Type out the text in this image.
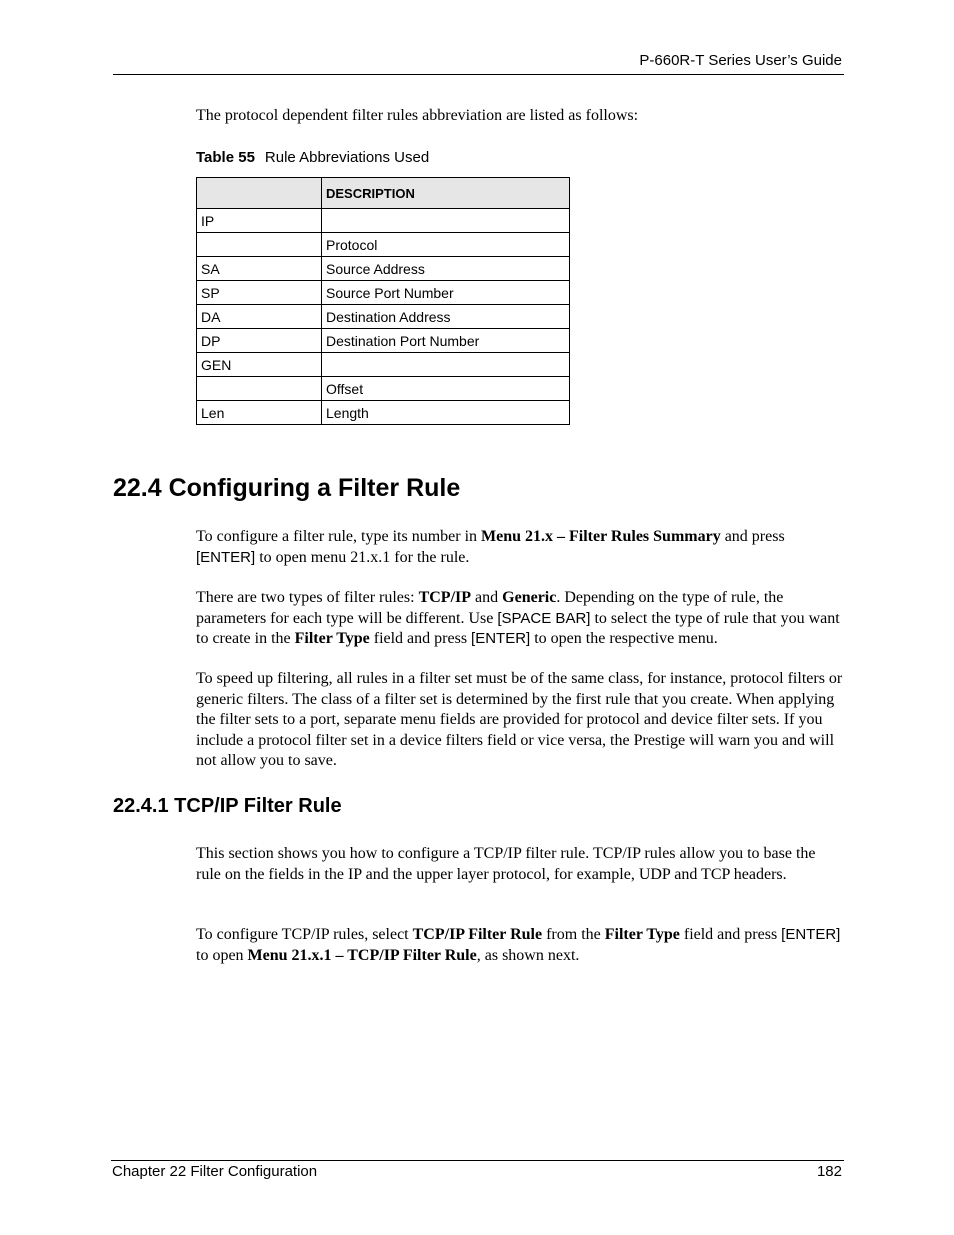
P-660R-T Series User’s Guide
The protocol dependent filter rules abbreviation are listed as follows:
Table 55 Rule Abbreviations Used
	DESCRIPTION
IP	
	Protocol
SA	Source Address
SP	Source Port Number
DA	Destination Address
DP	Destination Port Number
GEN	
	Offset
Len	Length
22.4 Configuring a Filter Rule

To configure a filter rule, type its number in Menu 21.x – Filter Rules Summary and press [ENTER] to open menu 21.x.1 for the rule.

There are two types of filter rules: TCP/IP and Generic. Depending on the type of rule, the parameters for each type will be different. Use [SPACE BAR] to select the type of rule that you want to create in the Filter Type field and press [ENTER] to open the respective menu.

To speed up filtering, all rules in a filter set must be of the same class, for instance, protocol filters or generic filters. The class of a filter set is determined by the first rule that you create. When applying the filter sets to a port, separate menu fields are provided for protocol and device filter sets. If you include a protocol filter set in a device filters field or vice versa, the Prestige will warn you and will not allow you to save.

22.4.1 TCP/IP Filter Rule

This section shows you how to configure a TCP/IP filter rule. TCP/IP rules allow you to base the rule on the fields in the IP and the upper layer protocol, for example, UDP and TCP headers.

To configure TCP/IP rules, select TCP/IP Filter Rule from the Filter Type field and press [ENTER] to open Menu 21.x.1 – TCP/IP Filter Rule, as shown next.

Chapter 22 Filter Configuration	182
